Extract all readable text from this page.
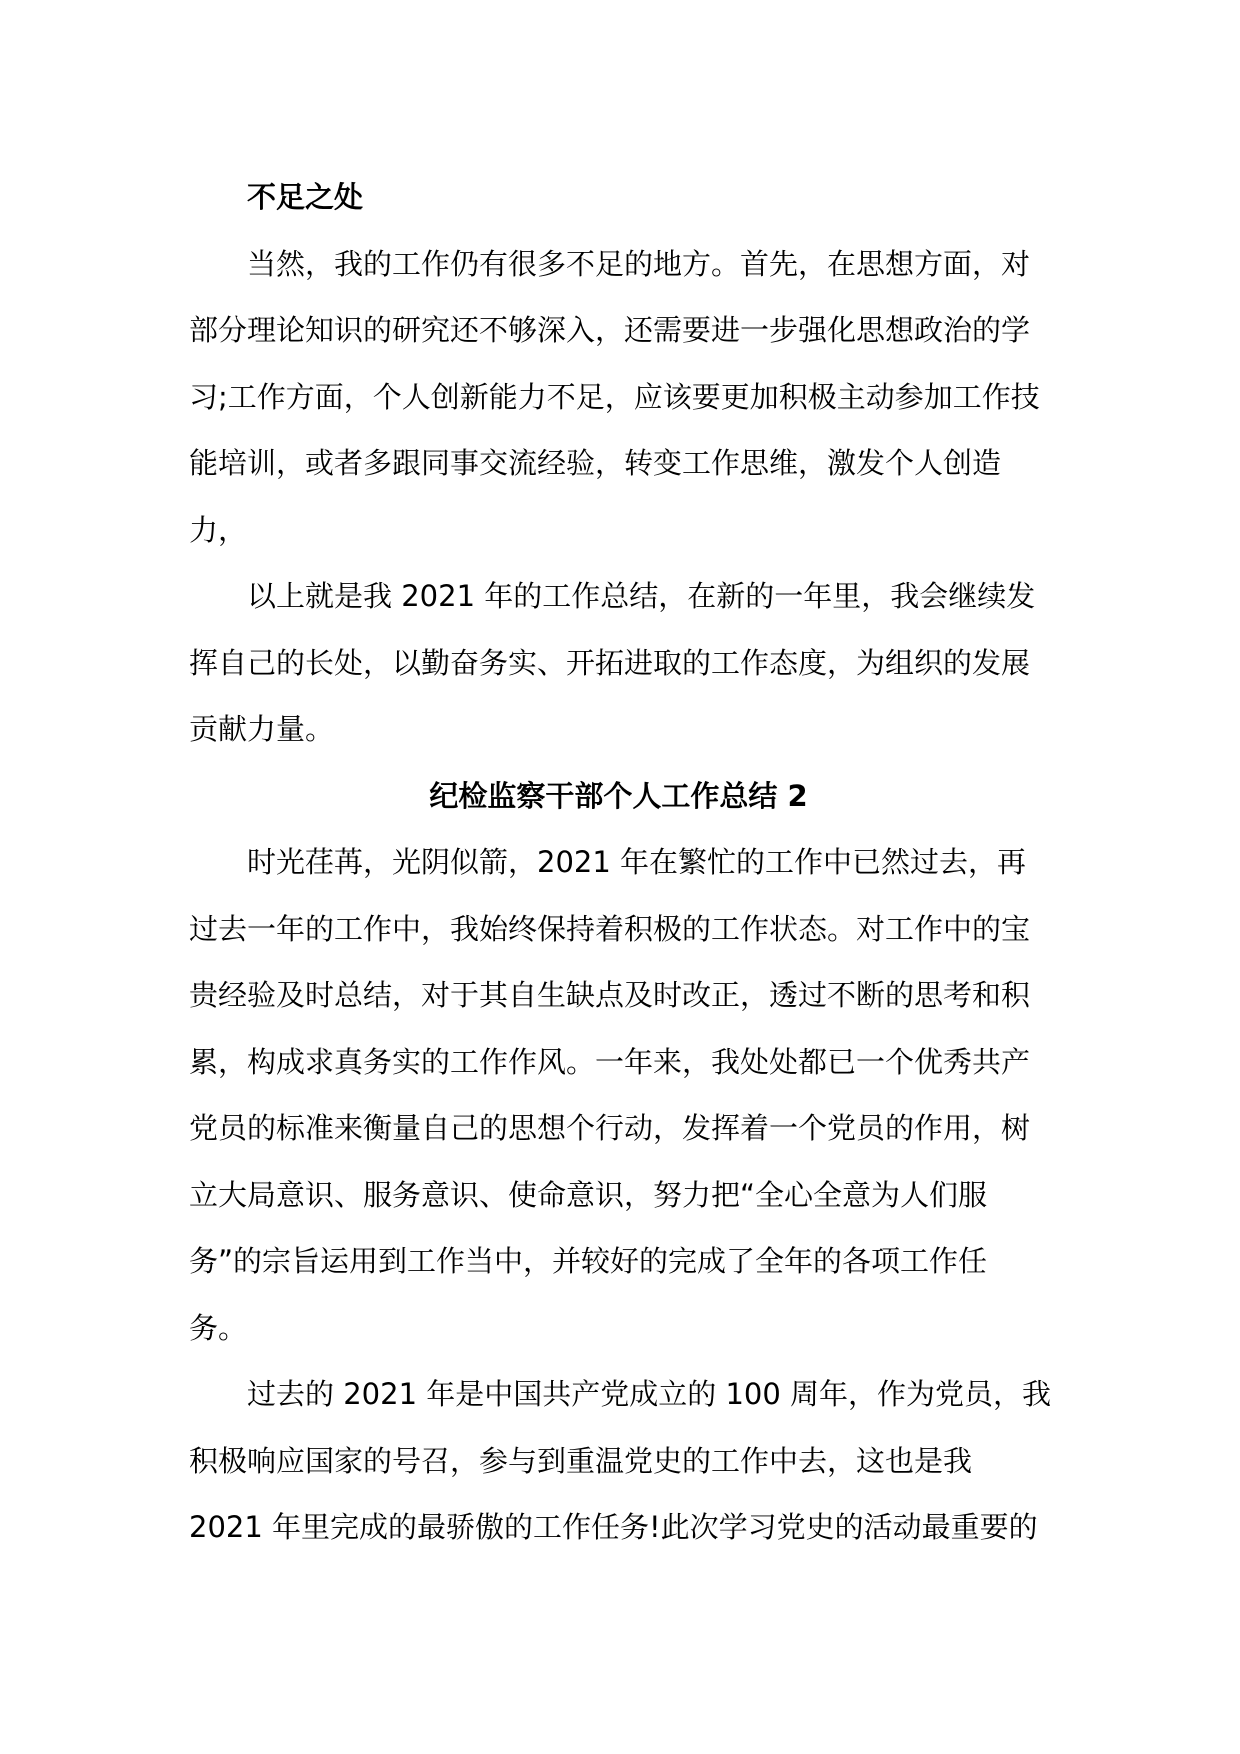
不足之处
当然，我的工作仍有很多不足的地方。首先，在思想方面，对
部分理论知识的研究还不够深入，还需要进一步强化思想政治的学
习;工作方面，个人创新能力不足，应该要更加积极主动参加工作技
能培训，或者多跟同事交流经验，转变工作思维，激发个人创造
力，
以上就是我 2021 年的工作总结，在新的一年里，我会继续发
挥自己的长处，以勤奋务实、开拓进取的工作态度，为组织的发展
贡献力量。
纪检监察干部个人工作总结 2
时光荏苒，光阴似箭，2021 年在繁忙的工作中已然过去，再
过去一年的工作中，我始终保持着积极的工作状态。对工作中的宝
贵经验及时总结，对于其自生缺点及时改正，透过不断的思考和积
累，构成求真务实的工作作风。一年来，我处处都已一个优秀共产
党员的标准来衡量自己的思想个行动，发挥着一个党员的作用，树
立大局意识、服务意识、使命意识，努力把“全心全意为人们服
务”的宗旨运用到工作当中，并较好的完成了全年的各项工作任
务。
过去的 2021 年是中国共产党成立的 100 周年，作为党员，我
积极响应国家的号召，参与到重温党史的工作中去，这也是我
2021 年里完成的最骄傲的工作任务!此次学习党史的活动最重要的
